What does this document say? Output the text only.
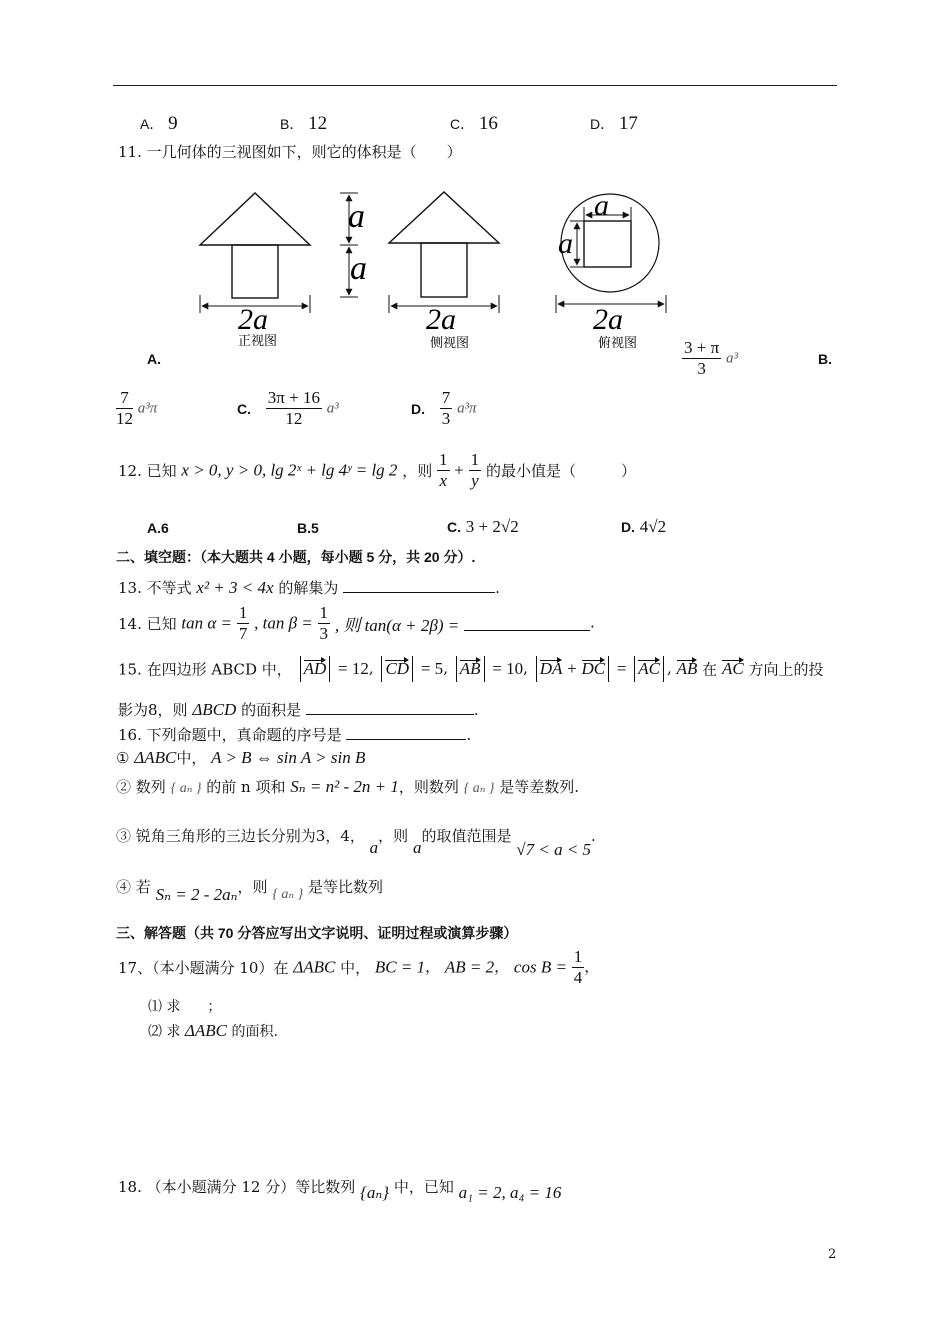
A． 9	B． 12	C． 16	D． 17
11. 一几何体的三视图如下，则它的体积是（　　）
2a
正视图
a
a
2a
侧视图
a
a
2a
俯视图
A.	$\frac{3 + \pi}{3} a^3$	B.
$\frac{7}{12} a^3\pi$	C. $\frac{3\pi + 16}{12} a^3$	D. $\frac{7}{3} a^3\pi$
12. 已知 x > 0, y > 0, lg 2ˣ + lg 4ʸ = lg 2 ，则 $\frac{1}{x} + \frac{1}{y}$ 的最小值是（　　　）
A.6	B.5	C. 3 + 2√2	D. 4√2
二、填空题：（本大题共 4 小题，每小题 5 分，共 20 分）.
13. 不等式 x² + 3 < 4x 的解集为	.
14. 已知 $\tan \alpha = \frac{1}{7}$ , $\tan \beta = \frac{1}{3}$ , 则 tan(α + 2β) =	.
15. 在四边形 ABCD 中， AD = 12, CD = 5, AB = 10, DA + DC = AC , AB 在 AC 方向上的投
影为8，则 ΔBCD 的面积是	.
16. 下列命题中，真命题的序号是	.
① ΔABC中， A > B ⇔ sin A > sin B
② 数列 { aₙ } 的前 n 项和 Sₙ = n² - 2n + 1，则数列 { aₙ } 是等差数列.
③ 锐角三角形的三边长分别为3，4， a，则 a的取值范围是 √7 < a < 5.
④ 若 Sₙ = 2 - 2aₙ，则 { aₙ } 是等比数列
三、解答题（共 70 分答应写出文字说明、证明过程或演算步骤）
17、（本小题满分 10）在 ΔABC 中， BC = 1， AB = 2， $\cos B = \frac{1}{4}$ ，
⑴ 求 ；
⑵ 求 ΔABC 的面积.
18. （本小题满分 12 分）等比数列 {aₙ} 中，已知 a₁ = 2, a₄ = 16
2
